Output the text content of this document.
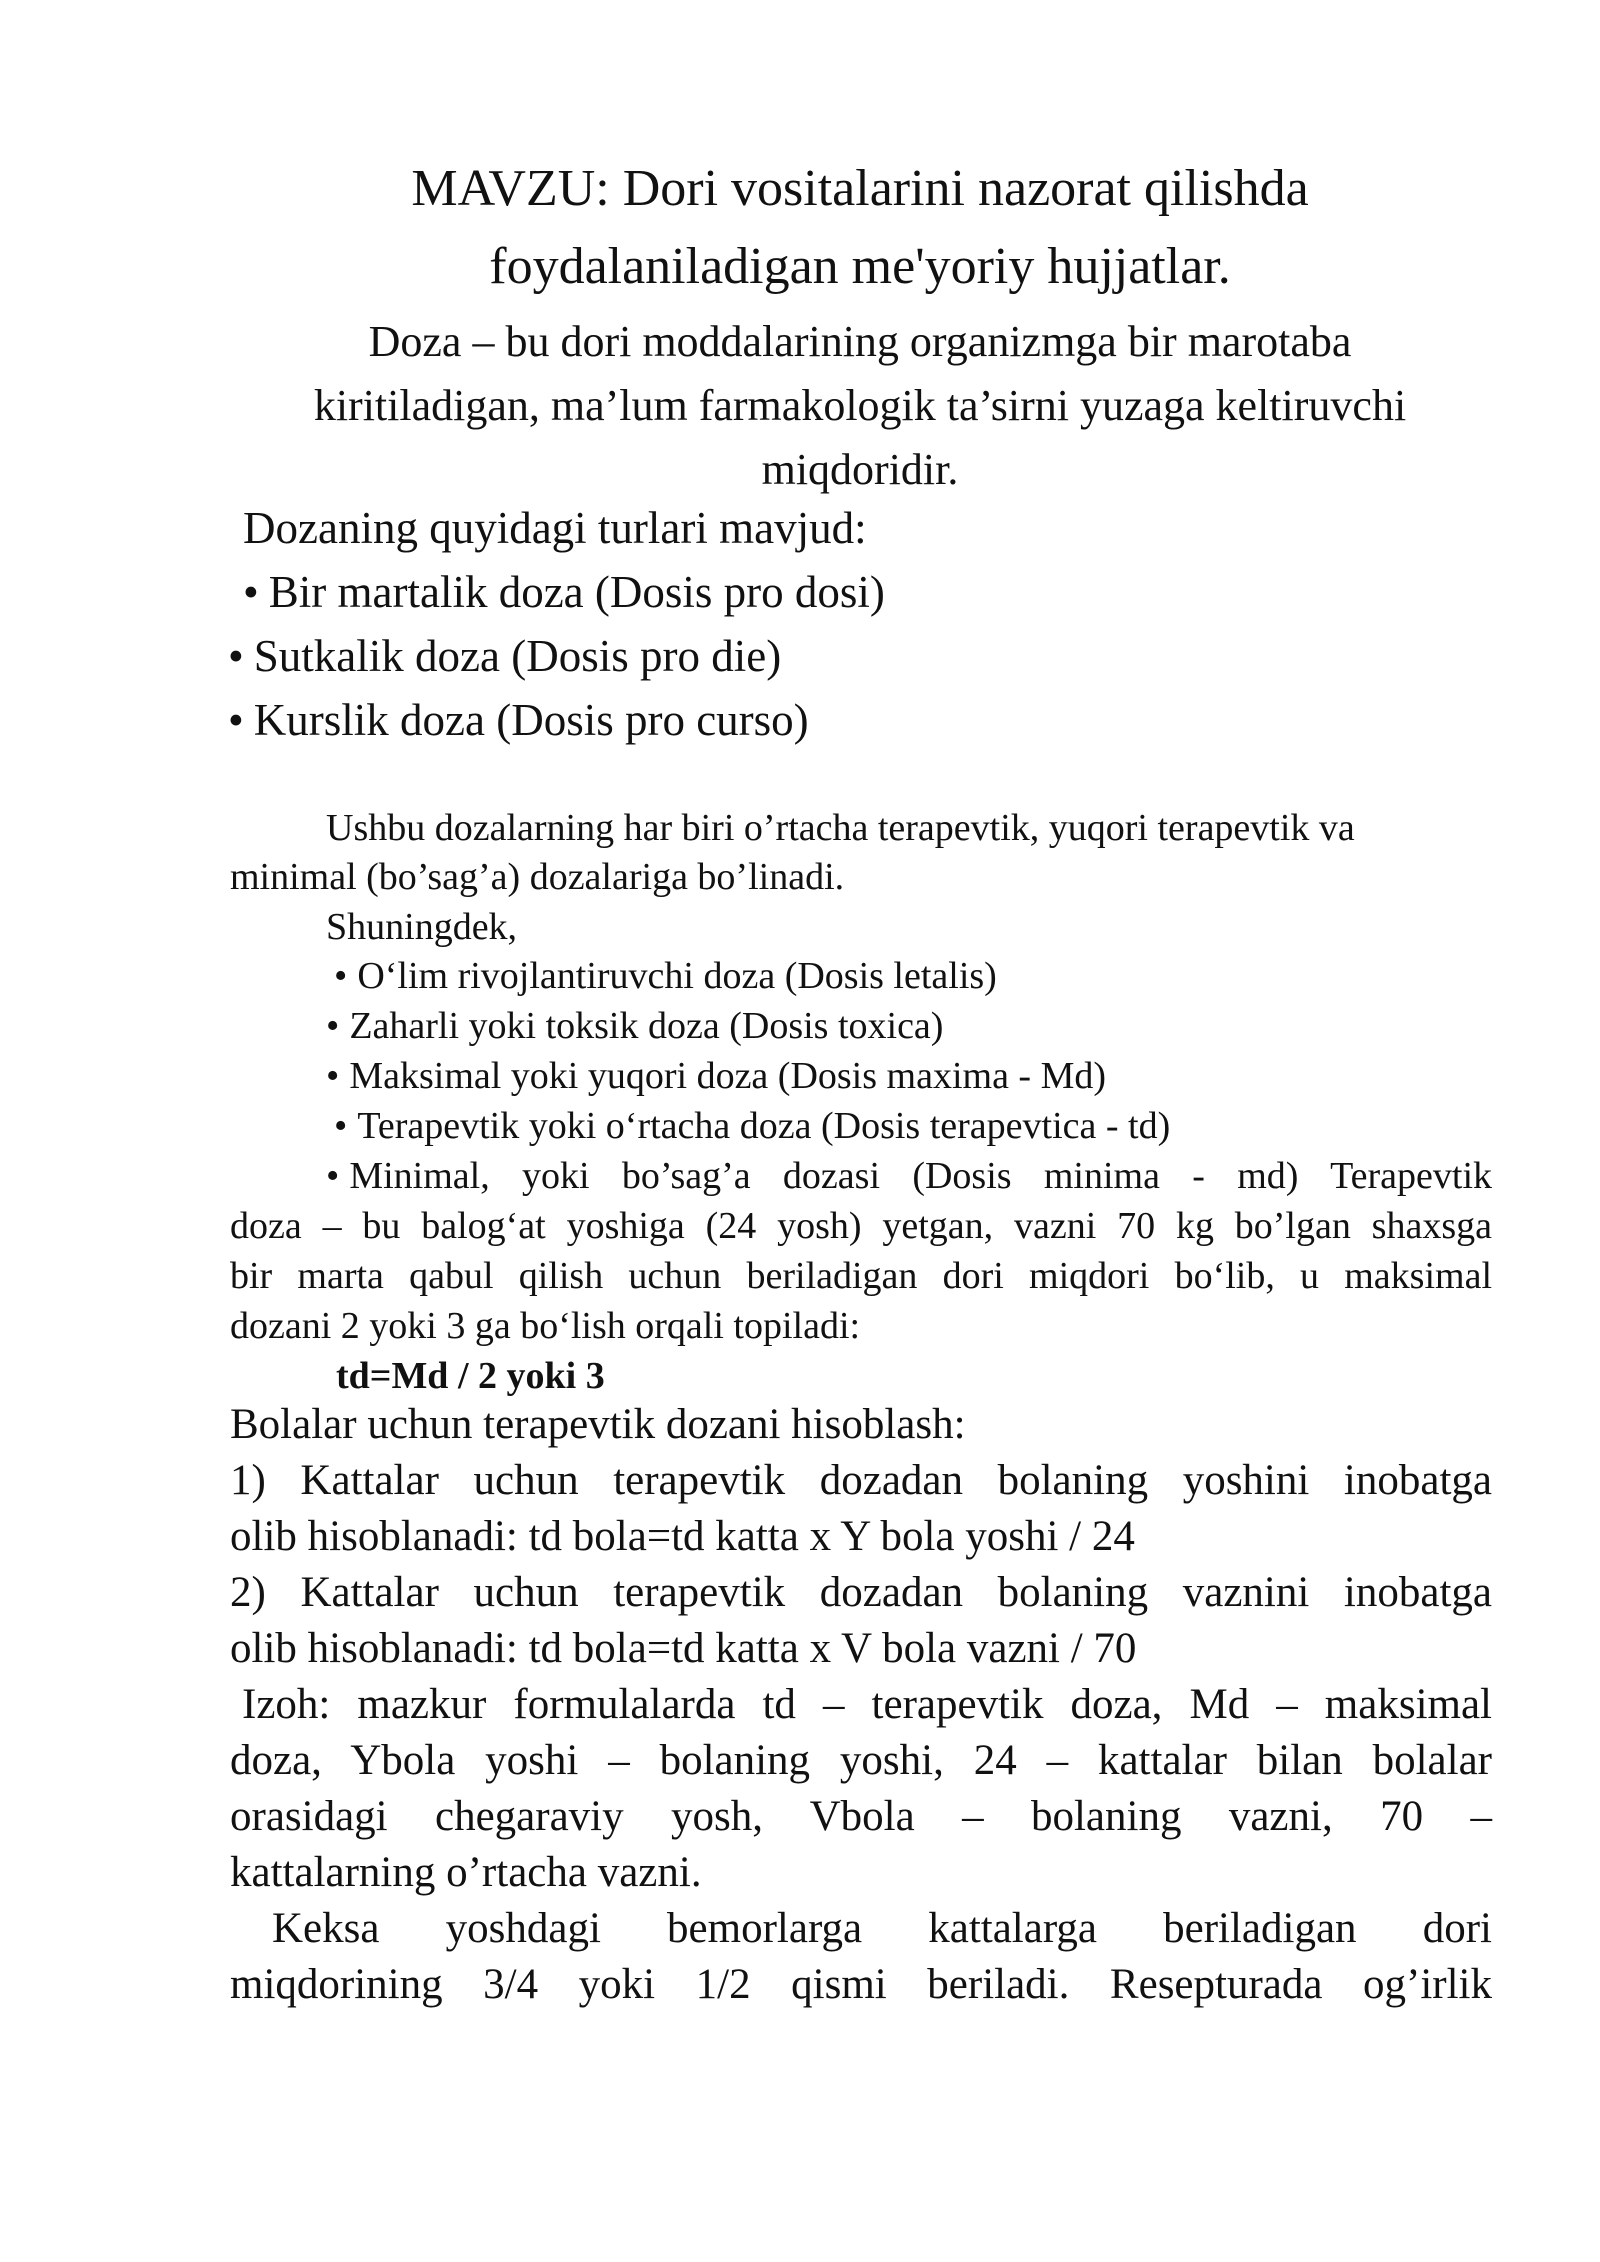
MAVZU: Dori vositalarini nazorat qilishda
foydalaniladigan me'yoriy hujjatlar.
Doza – bu dori moddalarining organizmga bir marotaba
kiritiladigan, ma’lum farmakologik ta’sirni yuzaga keltiruvchi
miqdoridir.
Dozaning quyidagi turlari mavjud:
• Bir martalik doza (Dosis pro dosi)
• Sutkalik doza (Dosis pro die)
• Kurslik doza (Dosis pro curso)
Ushbu dozalarning har biri o’rtacha terapevtik, yuqori terapevtik va
minimal (bo’sag’a) dozalariga bo’linadi.
Shuningdek,
• O‘lim rivojlantiruvchi doza (Dosis letalis)
• Zaharli yoki toksik doza (Dosis toxica)
• Maksimal yoki yuqori doza (Dosis maxima - Md)
• Terapevtik yoki o‘rtacha doza (Dosis terapevtica - td)
• Minimal, yoki bo’sag’a dozasi (Dosis minima - md) Terapevtik
doza – bu balog‘at yoshiga (24 yosh) yetgan, vazni 70 kg bo’lgan shaxsga
bir marta qabul qilish uchun beriladigan dori miqdori bo‘lib, u maksimal
dozani 2 yoki 3 ga bo‘lish orqali topiladi:
td=Md / 2 yoki 3
Bolalar uchun terapevtik dozani hisoblash:
1) Kattalar uchun terapevtik dozadan bolaning yoshini inobatga
olib hisoblanadi: td bola=td katta x Y bola yoshi / 24
2) Kattalar uchun terapevtik dozadan bolaning vaznini inobatga
olib hisoblanadi: td bola=td katta x V bola vazni / 70
Izoh: mazkur formulalarda td – terapevtik doza, Md – maksimal
doza, Ybola yoshi – bolaning yoshi, 24 – kattalar bilan bolalar
orasidagi chegaraviy yosh, Vbola – bolaning vazni, 70 –
kattalarning o’rtacha vazni.
Keksa yoshdagi bemorlarga kattalarga beriladigan dori
miqdorining 3/4 yoki 1/2 qismi beriladi. Resepturada og’irlik
